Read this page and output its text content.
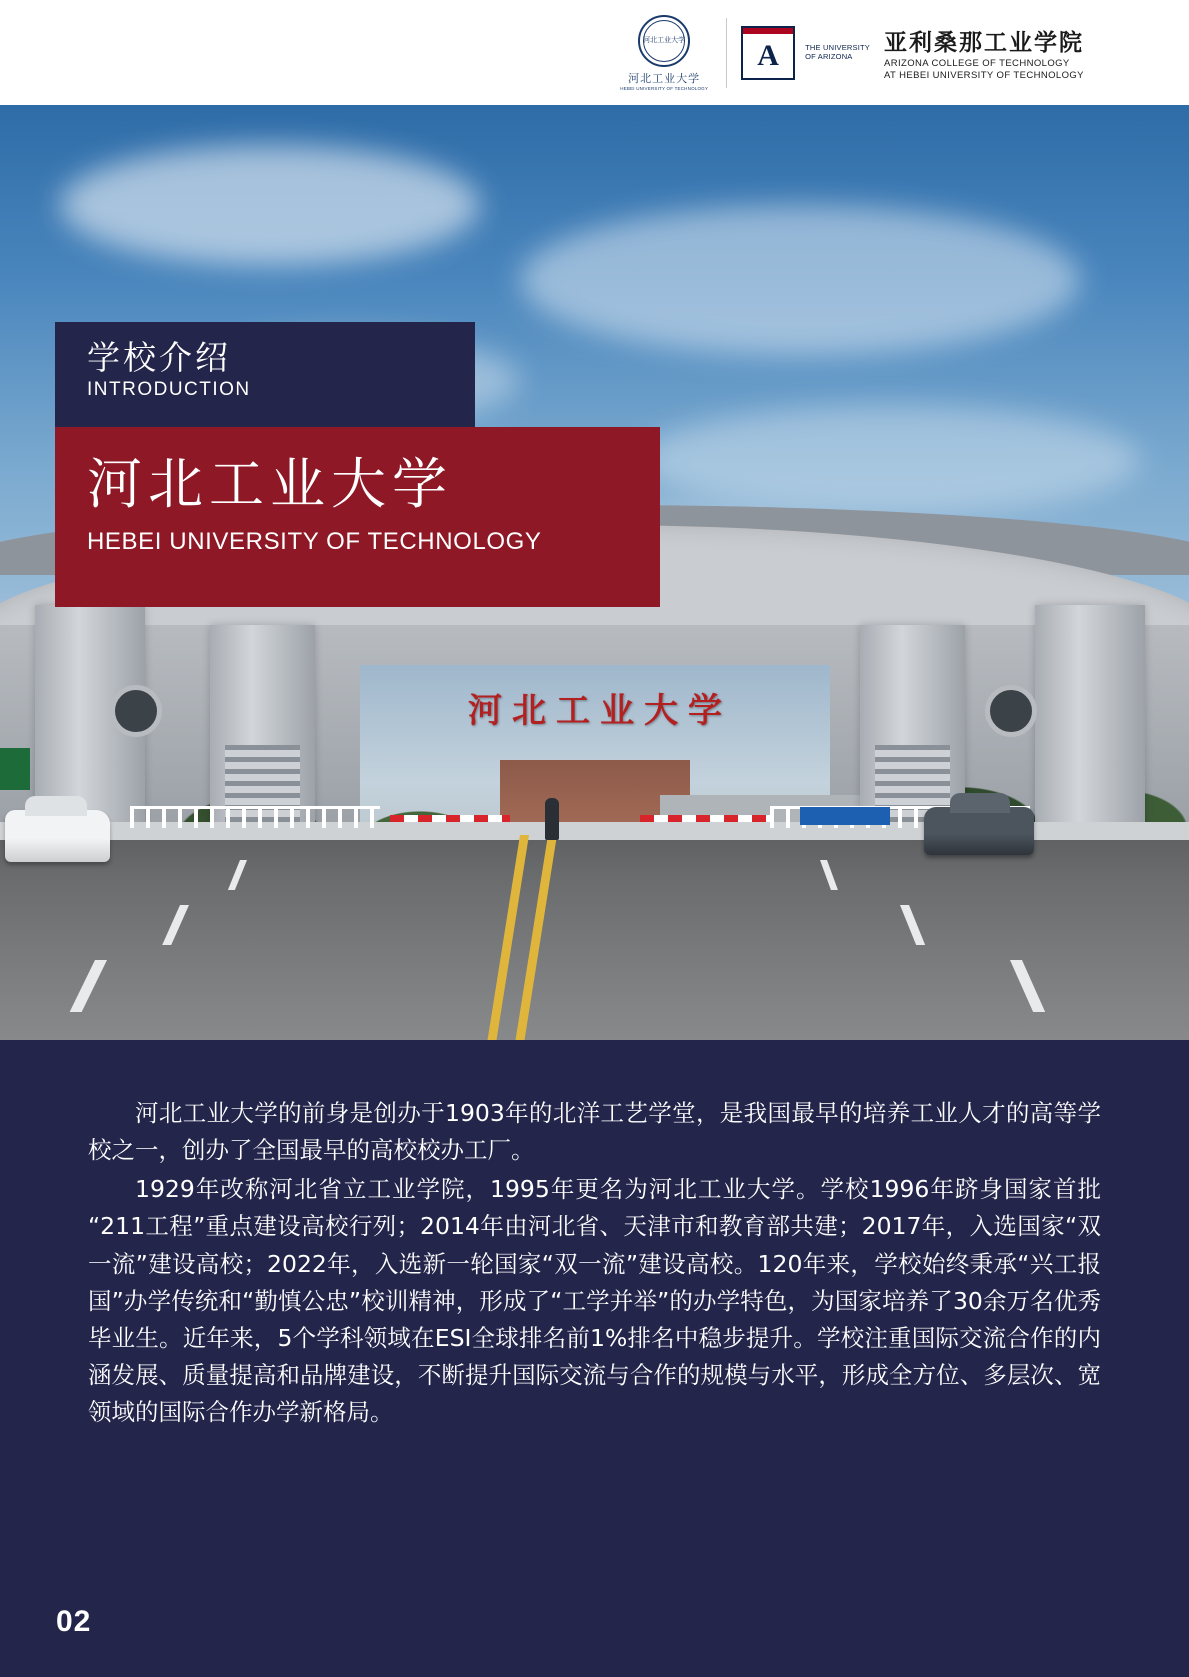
河北工业大学
河北工业大学
HEBEI UNIVERSITY OF TECHNOLOGY
A	THE UNIVERSITY
OF ARIZONA	亚利桑那工业学院
ARIZONA COLLEGE OF TECHNOLOGY
AT HEBEI UNIVERSITY OF TECHNOLOGY
河北工业大学
学校介绍
INTRODUCTION
河北工业大学
HEBEI UNIVERSITY OF TECHNOLOGY

河北工业大学的前身是创办于1903年的北洋工艺学堂，是我国最早的培养工业人才的高等学校之一，创办了全国最早的高校校办工厂。

1929年改称河北省立工业学院，1995年更名为河北工业大学。学校1996年跻身国家首批“211工程”重点建设高校行列；2014年由河北省、天津市和教育部共建；2017年，入选国家“双一流”建设高校；2022年，入选新一轮国家“双一流”建设高校。120年来，学校始终秉承“兴工报国”办学传统和“勤慎公忠”校训精神，形成了“工学并举”的办学特色，为国家培养了30余万名优秀毕业生。近年来，5个学科领域在ESI全球排名前1%排名中稳步提升。学校注重国际交流合作的内涵发展、质量提高和品牌建设，不断提升国际交流与合作的规模与水平，形成全方位、多层次、宽领域的国际合作办学新格局。

02
